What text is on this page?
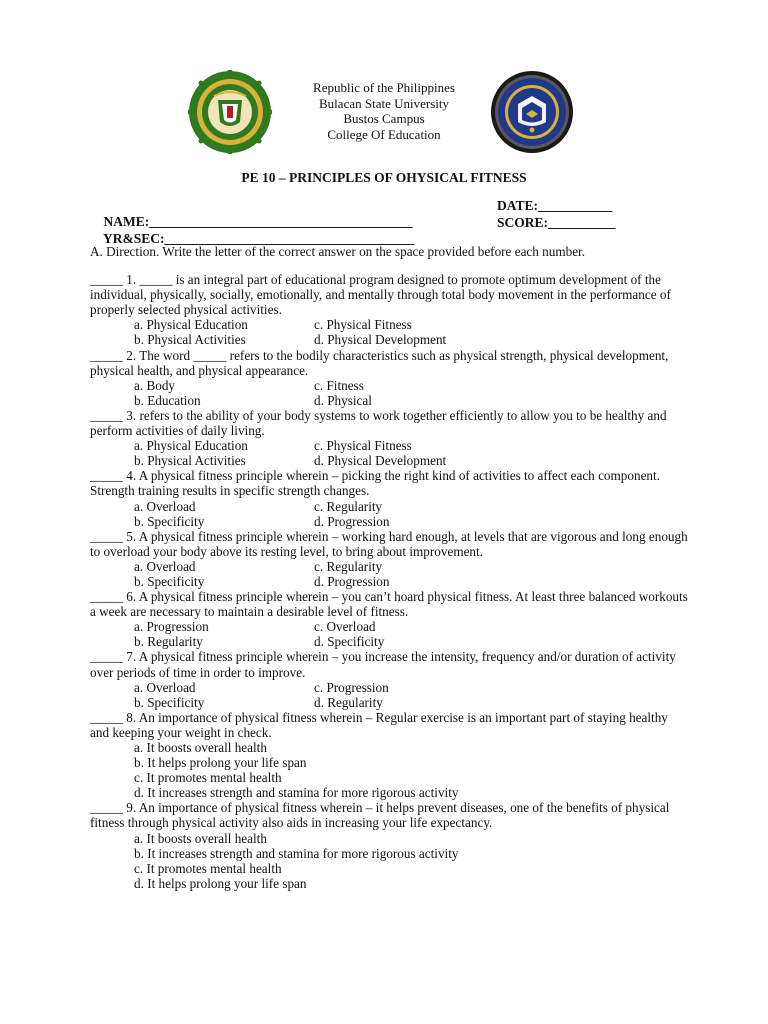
1904
Republic of the Philippines
Bulacan State University
Bustos Campus
College Of Education
PE 10 – PRINCIPLES OF OHYSICAL FITNESS

NAME:_______________________________________

DATE:___________

YR&SEC:_____________________________________

SCORE:__________

A. Direction. Write the letter of the correct answer on the space provided before each number.

_____ 1. _____ is an integral part of educational program designed to promote optimum development of the individual, physically, socially, emotionally, and mentally through total body movement in the performance of properly selected physical activities.

a. Physical Education	c. Physical Fitness
b. Physical Activities	d. Physical Development

_____ 2. The word _____ refers to the bodily characteristics such as physical strength, physical development, physical health, and physical appearance.

a. Body	c. Fitness
b. Education	d. Physical

_____ 3. refers to the ability of your body systems to work together efficiently to allow you to be healthy and perform activities of daily living.

a. Physical Education	c. Physical Fitness
b. Physical Activities	d. Physical Development

_____ 4. A physical fitness principle wherein – picking the right kind of activities to affect each component. Strength training results in specific strength changes.

a. Overload	c. Regularity
b. Specificity	d. Progression

_____ 5. A physical fitness principle wherein – working hard enough, at levels that are vigorous and long enough to overload your body above its resting level, to bring about improvement.

a. Overload	c. Regularity
b. Specificity	d. Progression

_____ 6. A physical fitness principle wherein – you can’t hoard physical fitness. At least three balanced workouts a week are necessary to maintain a desirable level of fitness.

a. Progression	c. Overload
b. Regularity	d. Specificity

_____ 7. A physical fitness principle wherein – you increase the intensity, frequency and/or duration of activity over periods of time in order to improve.

a. Overload	c. Progression
b. Specificity	d. Regularity

_____ 8. An importance of physical fitness wherein – Regular exercise is an important part of staying healthy and keeping your weight in check.

a. It boosts overall health
b. It helps prolong your life span
c. It promotes mental health
d. It increases strength and stamina for more rigorous activity

_____ 9. An importance of physical fitness wherein – it helps prevent diseases, one of the benefits of physical fitness through physical activity also aids in increasing your life expectancy.

a. It boosts overall health
b. It increases strength and stamina for more rigorous activity
c. It promotes mental health
d. It helps prolong your life span
